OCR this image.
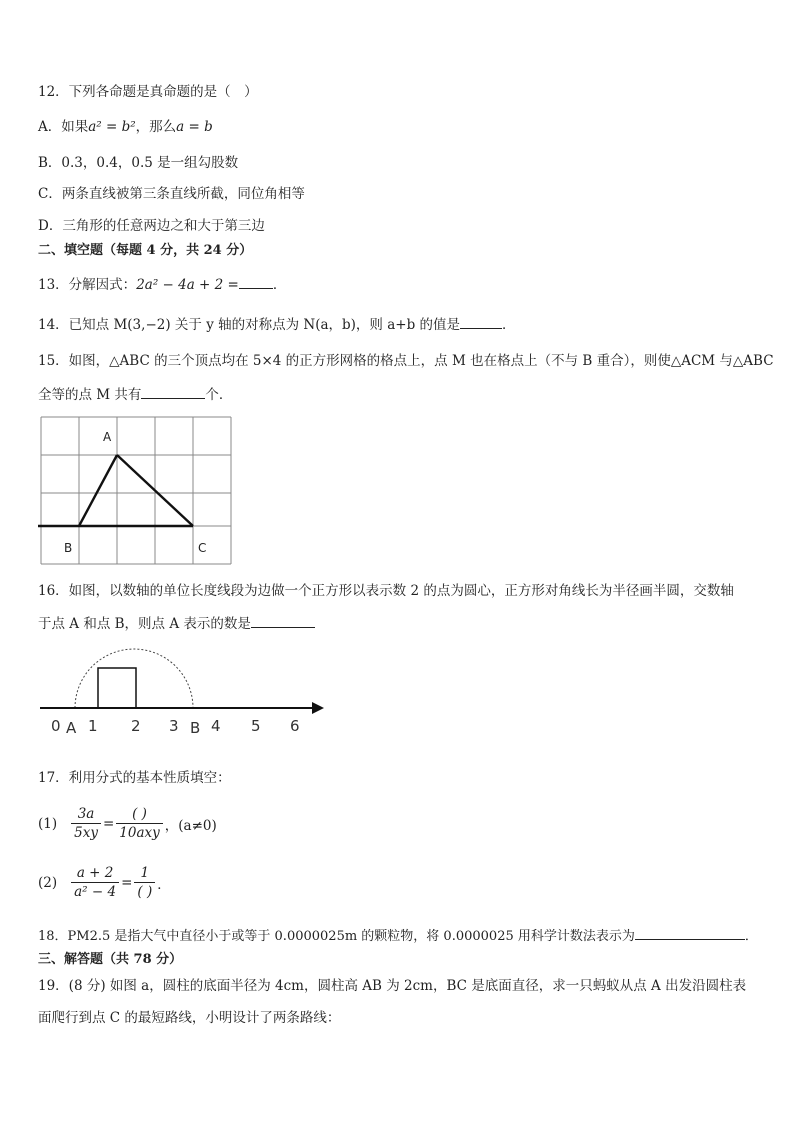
12．下列各命题是真命题的是（　）
A．如果a² = b²，那么a = b
B．0.3，0.4，0.5 是一组勾股数
C．两条直线被第三条直线所截，同位角相等
D．三角形的任意两边之和大于第三边
二、填空题（每题 4 分，共 24 分）
13．分解因式：2a² − 4a + 2 =	．
14．已知点 M(3,−2) 关于 y 轴的对称点为 N(a，b)，则 a+b 的值是	．
15．如图，△ABC 的三个顶点均在 5×4 的正方形网格的格点上，点 M 也在格点上（不与 B 重合），则使△ACM 与△ABC
全等的点 M 共有	个．
A
B	C
16．如图，以数轴的单位长度线段为边做一个正方形以表示数 2 的点为圆心，正方形对角线长为半径画半圆，交数轴
于点 A 和点 B，则点 A 表示的数是
0 A 1 2 3 B 4 5 6
17．利用分式的基本性质填空：
$(1) \frac{3a}{5xy} = \frac{( )}{\text{10axy}}$ ，(a≠0)
$(2) \frac{a + 2}{\text{a² − 4}} = \frac{1}{( )}$ ．
18．PM2.5 是指大气中直径小于或等于 0.0000025m 的颗粒物，将 0.0000025 用科学计数法表示为	．
三、解答题（共 78 分）
19．(8 分) 如图 a，圆柱的底面半径为 4cm，圆柱高 AB 为 2cm，BC 是底面直径，求一只蚂蚁从点 A 出发沿圆柱表
面爬行到点 C 的最短路线，小明设计了两条路线：
